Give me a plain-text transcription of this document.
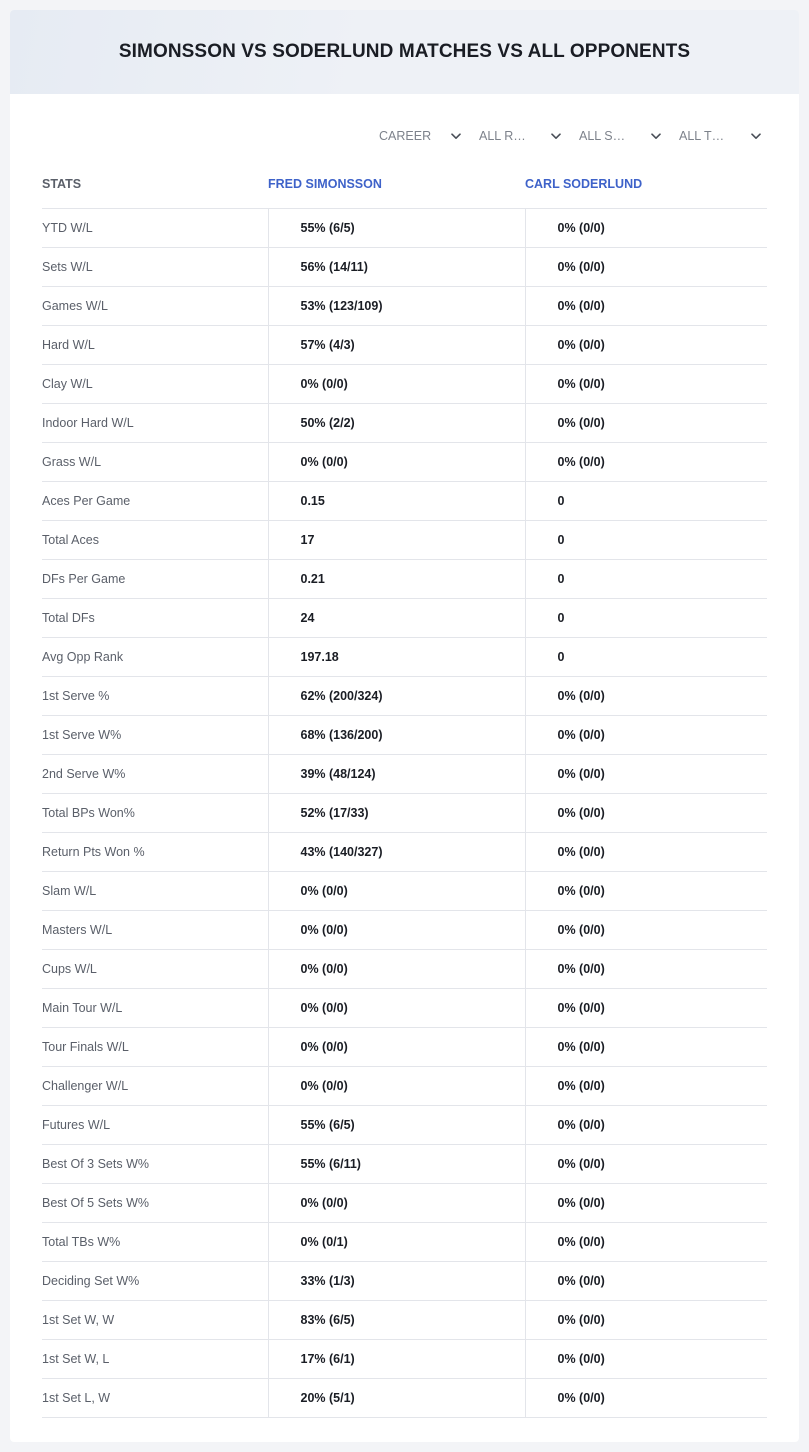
SIMONSSON VS SODERLUND MATCHES VS ALL OPPONENTS
CAREER	ALL R…	ALL S…	ALL T…
STATS	FRED SIMONSSON	CARL SODERLUND
YTD W/L	55% (6/5)	0% (0/0)
Sets W/L	56% (14/11)	0% (0/0)
Games W/L	53% (123/109)	0% (0/0)
Hard W/L	57% (4/3)	0% (0/0)
Clay W/L	0% (0/0)	0% (0/0)
Indoor Hard W/L	50% (2/2)	0% (0/0)
Grass W/L	0% (0/0)	0% (0/0)
Aces Per Game	0.15	0
Total Aces	17	0
DFs Per Game	0.21	0
Total DFs	24	0
Avg Opp Rank	197.18	0
1st Serve %	62% (200/324)	0% (0/0)
1st Serve W%	68% (136/200)	0% (0/0)
2nd Serve W%	39% (48/124)	0% (0/0)
Total BPs Won%	52% (17/33)	0% (0/0)
Return Pts Won %	43% (140/327)	0% (0/0)
Slam W/L	0% (0/0)	0% (0/0)
Masters W/L	0% (0/0)	0% (0/0)
Cups W/L	0% (0/0)	0% (0/0)
Main Tour W/L	0% (0/0)	0% (0/0)
Tour Finals W/L	0% (0/0)	0% (0/0)
Challenger W/L	0% (0/0)	0% (0/0)
Futures W/L	55% (6/5)	0% (0/0)
Best Of 3 Sets W%	55% (6/11)	0% (0/0)
Best Of 5 Sets W%	0% (0/0)	0% (0/0)
Total TBs W%	0% (0/1)	0% (0/0)
Deciding Set W%	33% (1/3)	0% (0/0)
1st Set W, W	83% (6/5)	0% (0/0)
1st Set W, L	17% (6/1)	0% (0/0)
1st Set L, W	20% (5/1)	0% (0/0)
